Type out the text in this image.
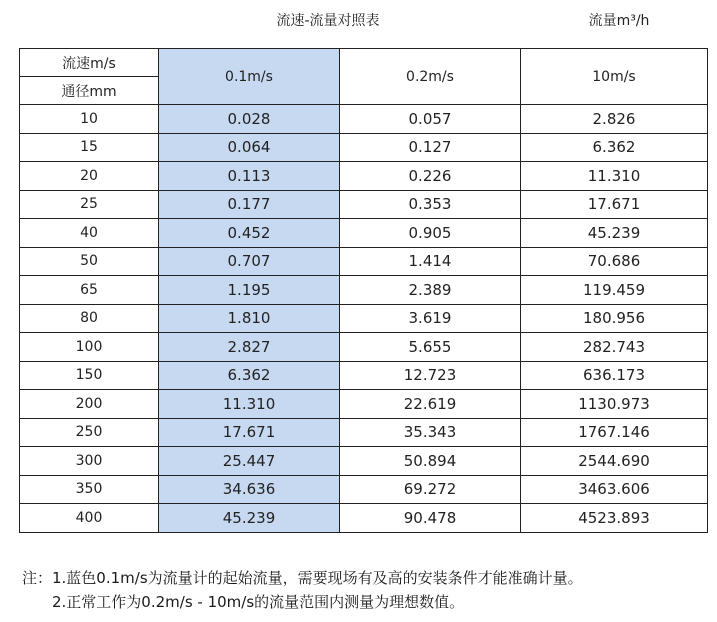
流速-流量对照表	流量m³/h
流速m/s	0.1m/s	0.2m/s	10m/s
通径mm			
10	0.028	0.057	2.826
15	0.064	0.127	6.362
20	0.113	0.226	11.310
25	0.177	0.353	17.671
40	0.452	0.905	45.239
50	0.707	1.414	70.686
65	1.195	2.389	119.459
80	1.810	3.619	180.956
100	2.827	5.655	282.743
150	6.362	12.723	636.173
200	11.310	22.619	1130.973
250	17.671	35.343	1767.146
300	25.447	50.894	2544.690
350	34.636	69.272	3463.606
400	45.239	90.478	4523.893
注：1.蓝色0.1m/s为流量计的起始流量，需要现场有及高的安装条件才能准确计量。
2.正常工作为0.2m/s - 10m/s的流量范围内测量为理想数值。
